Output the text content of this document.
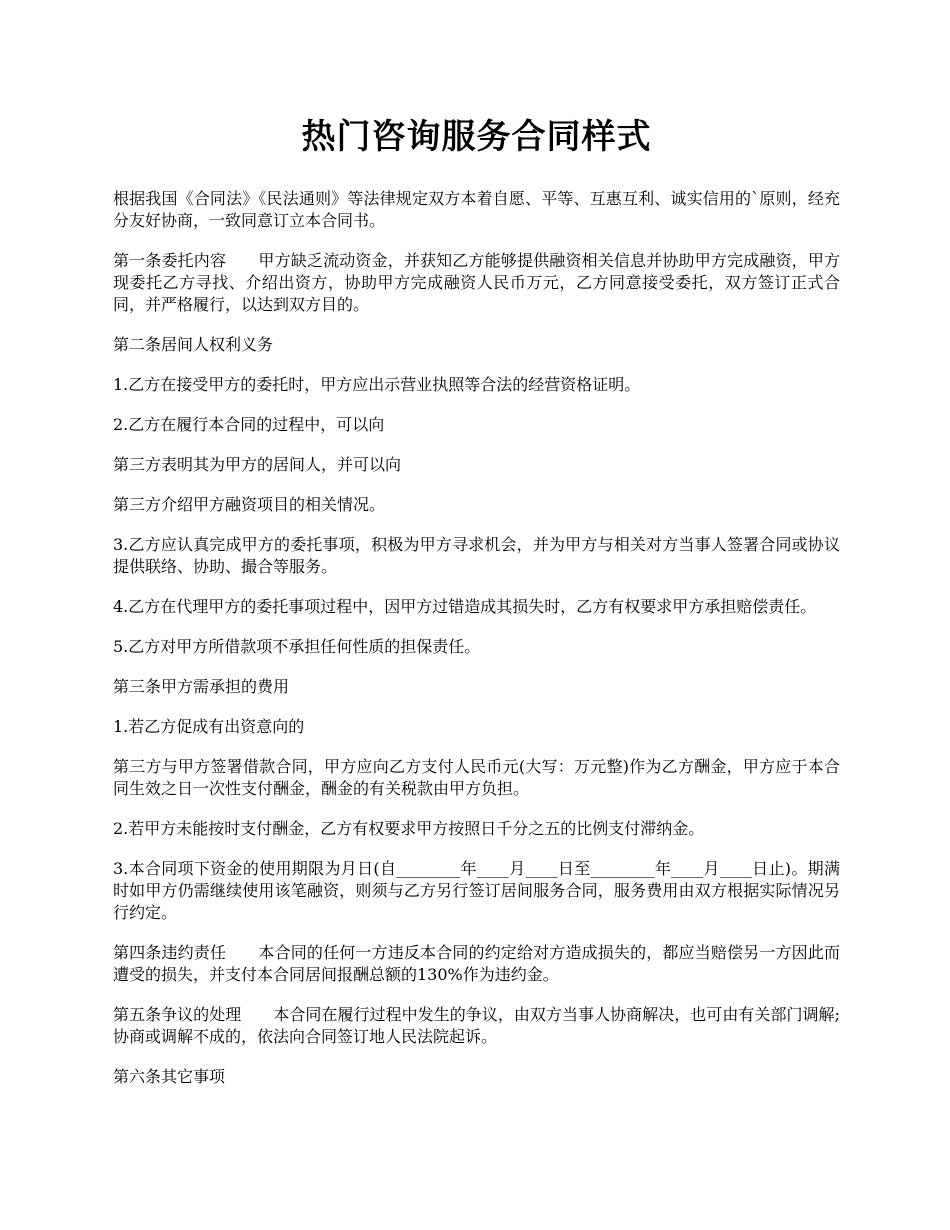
热门咨询服务合同样式

根据我国《合同法》《民法通则》等法律规定双方本着自愿、平等、互惠互利、诚实信用的`原则，经充分友好协商，一致同意订立本合同书。

第一条委托内容　　甲方缺乏流动资金，并获知乙方能够提供融资相关信息并协助甲方完成融资，甲方现委托乙方寻找、介绍出资方，协助甲方完成融资人民币万元，乙方同意接受委托，双方签订正式合同，并严格履行，以达到双方目的。

第二条居间人权利义务

1.乙方在接受甲方的委托时，甲方应出示营业执照等合法的经营资格证明。

2.乙方在履行本合同的过程中，可以向

第三方表明其为甲方的居间人，并可以向

第三方介绍甲方融资项目的相关情况。

3.乙方应认真完成甲方的委托事项，积极为甲方寻求机会，并为甲方与相关对方当事人签署合同或协议提供联络、协助、撮合等服务。

4.乙方在代理甲方的委托事项过程中，因甲方过错造成其损失时，乙方有权要求甲方承担赔偿责任。

5.乙方对甲方所借款项不承担任何性质的担保责任。

第三条甲方需承担的费用

1.若乙方促成有出资意向的

第三方与甲方签署借款合同，甲方应向乙方支付人民币元(大写：万元整)作为乙方酬金，甲方应于本合同生效之日一次性支付酬金，酬金的有关税款由甲方负担。

2.若甲方未能按时支付酬金，乙方有权要求甲方按照日千分之五的比例支付滞纳金。

3.本合同项下资金的使用期限为月日(自________年____月____日至________年____月____日止)。期满时如甲方仍需继续使用该笔融资，则须与乙方另行签订居间服务合同，服务费用由双方根据实际情况另行约定。

第四条违约责任　　本合同的任何一方违反本合同的约定给对方造成损失的，都应当赔偿另一方因此而遭受的损失，并支付本合同居间报酬总额的130%作为违约金。

第五条争议的处理　　本合同在履行过程中发生的争议，由双方当事人协商解决，也可由有关部门调解;协商或调解不成的，依法向合同签订地人民法院起诉。

第六条其它事项
